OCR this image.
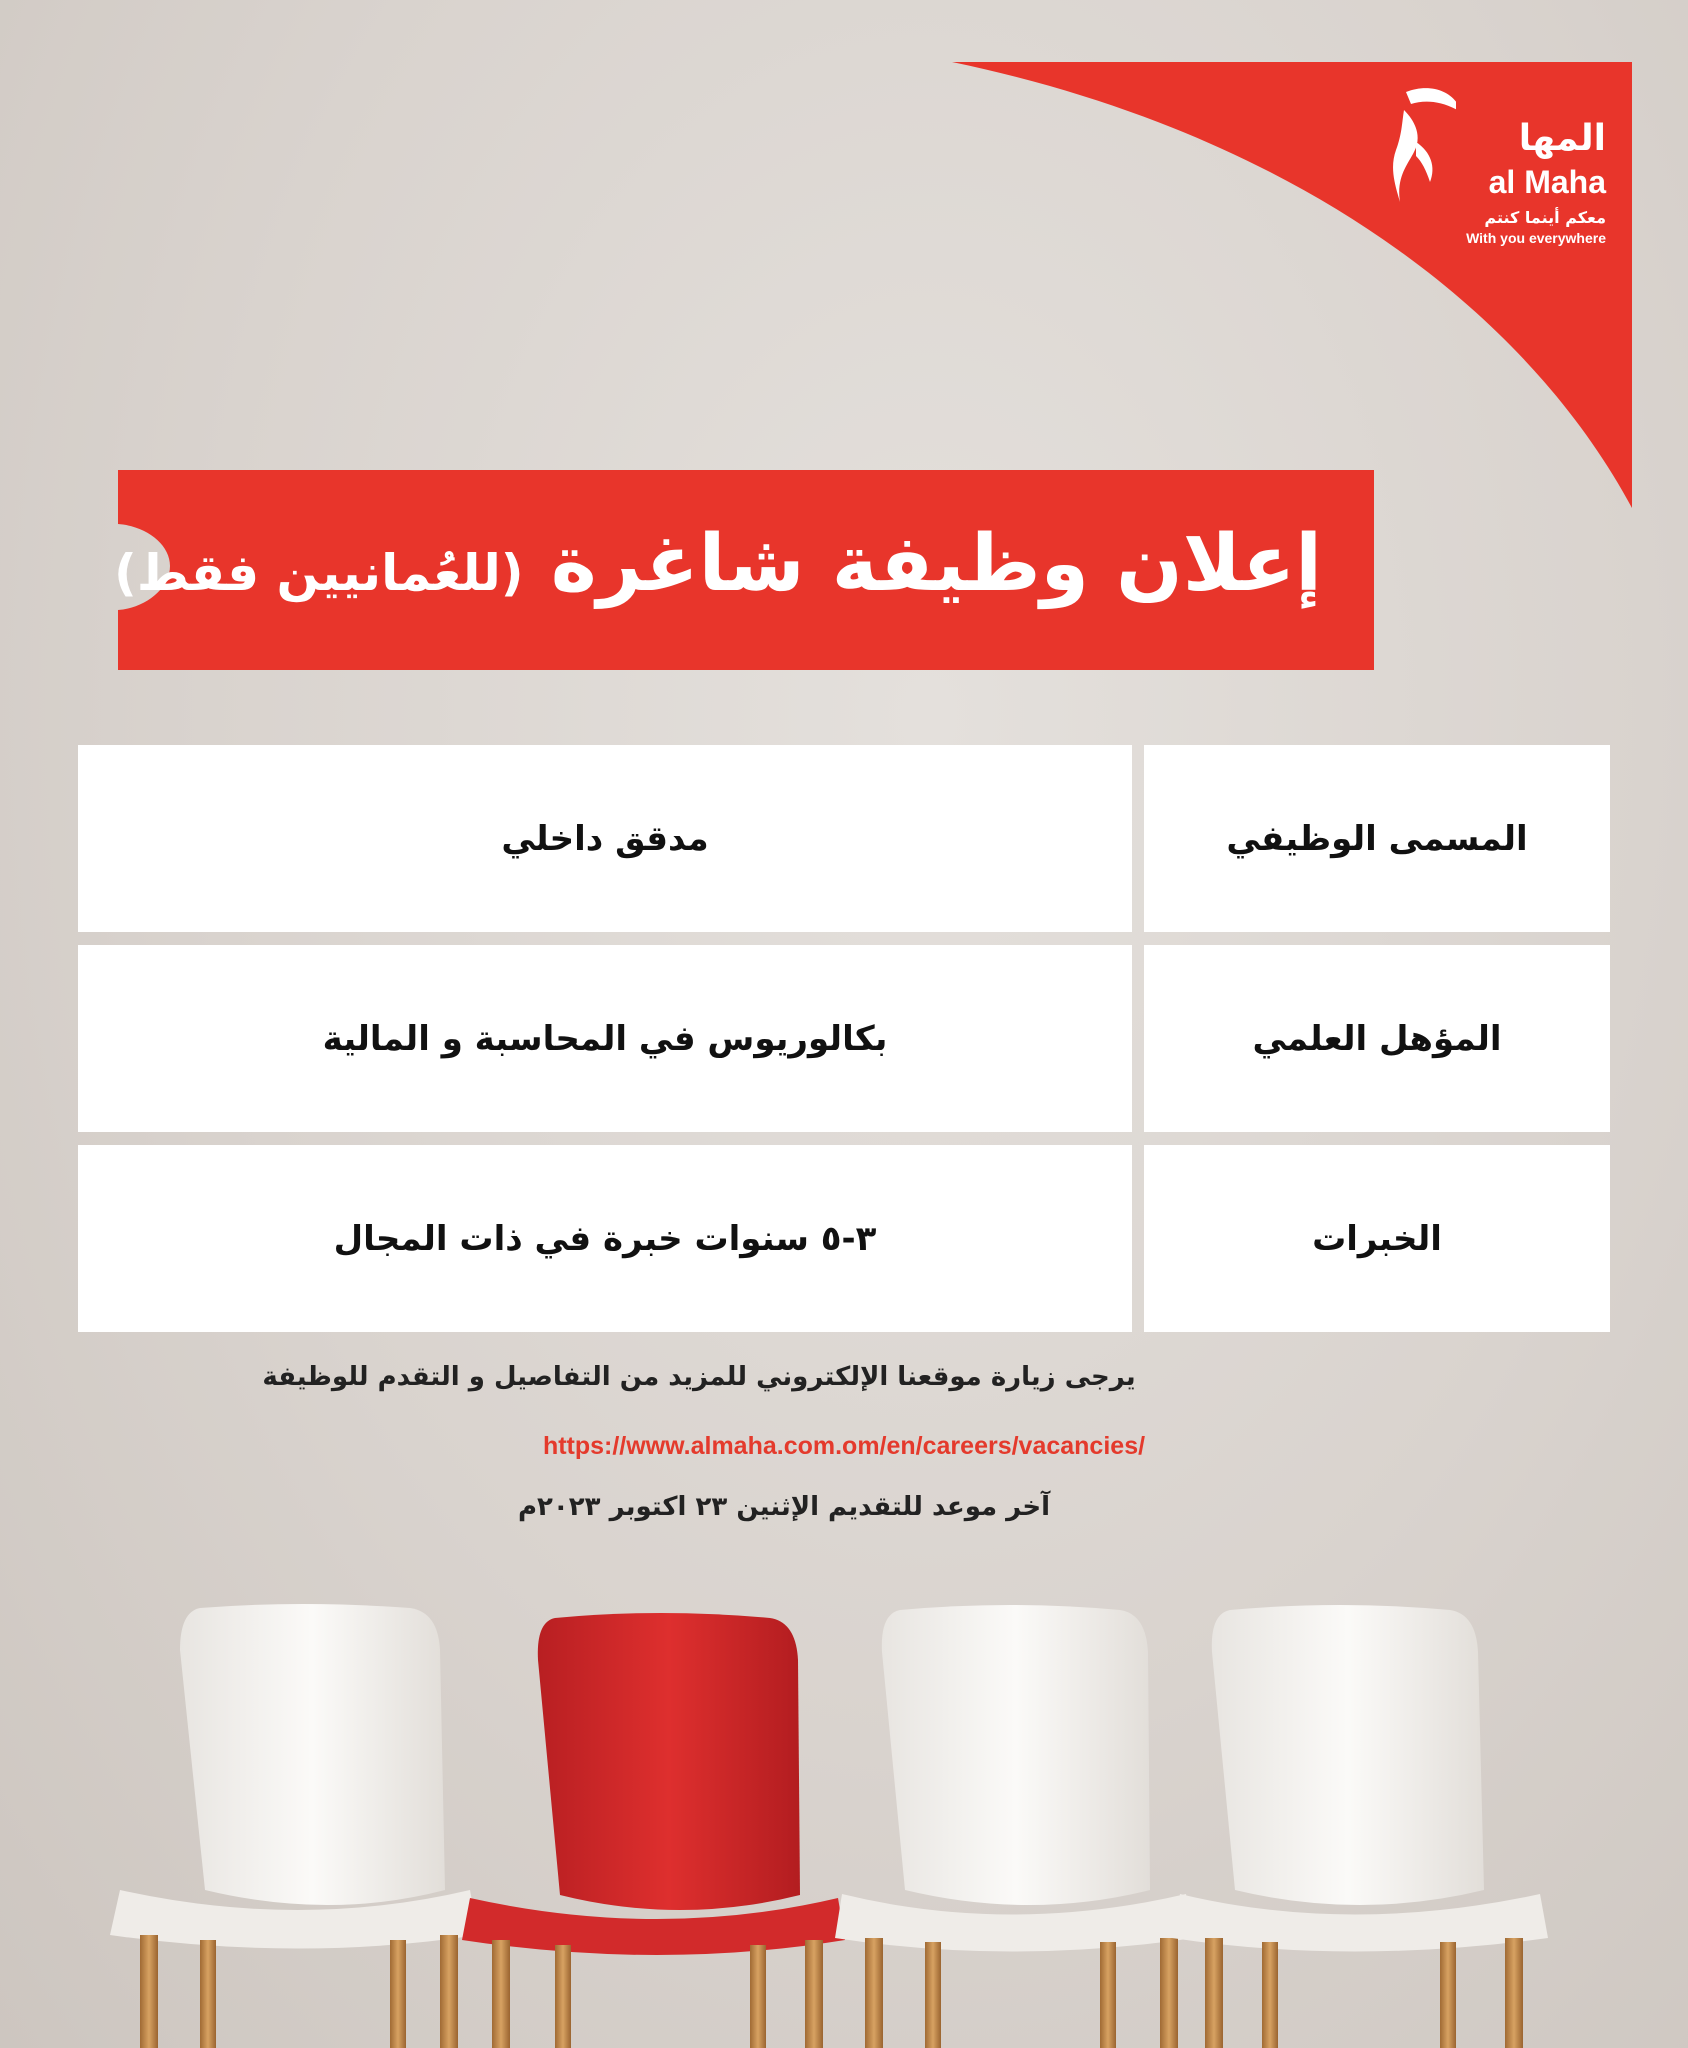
المها
al Maha
معكم أينما كنتم
With you everywhere
إعلان وظيفة شاغرة (للعُمانيين فقط)
المسمى الوظيفي
مدقق داخلي
المؤهل العلمي
بكالوريوس في المحاسبة و المالية
الخبرات
٣-٥ سنوات خبرة في ذات المجال
يرجى زيارة موقعنا الإلكتروني للمزيد من التفاصيل و التقدم للوظيفة
https://www.almaha.com.om/en/careers/vacancies/
آخر موعد للتقديم الإثنين ٢٣ اكتوبر ٢٠٢٣م
